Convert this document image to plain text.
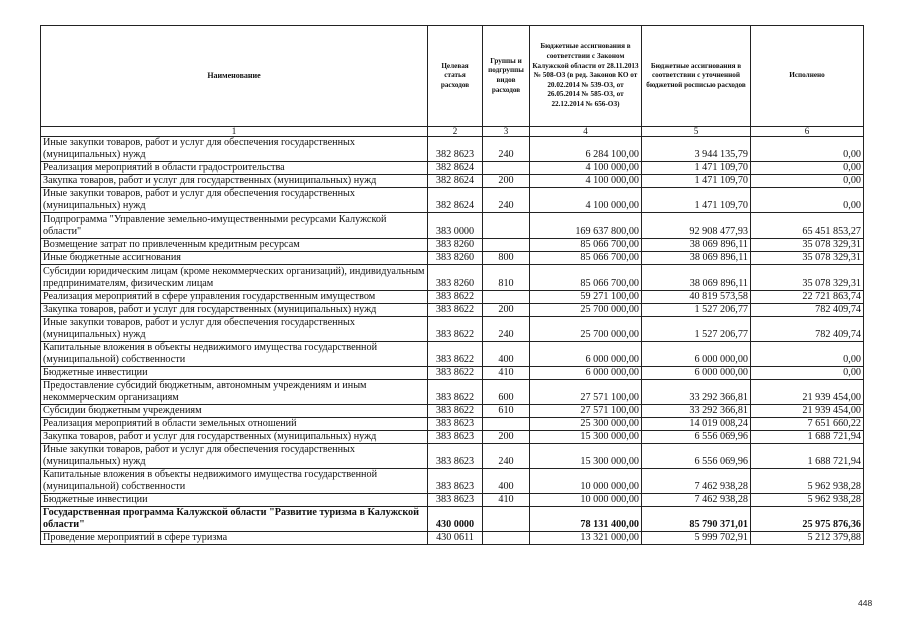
Наименование	Целевая статья расходов	Группы и подгруппы видов расходов	Бюджетные ассигнования в соответствии с Законом Калужской области от 28.11.2013 № 508-ОЗ (в ред. Законов КО от 20.02.2014 № 539-ОЗ, от 26.05.2014 № 585-ОЗ, от 22.12.2014 № 656-ОЗ)	Бюджетные ассигнования в соответствии с уточненной бюджетной росписью расходов	Исполнено
1	2	3	4	5	6
Иные закупки товаров, работ и услуг для обеспечения государственных (муниципальных) нужд	382 8623	240	6 284 100,00	3 944 135,79	0,00
Реализация мероприятий в области градостроительства	382 8624		4 100 000,00	1 471 109,70	0,00
Закупка товаров, работ и услуг для государственных (муниципальных) нужд	382 8624	200	4 100 000,00	1 471 109,70	0,00
Иные закупки товаров, работ и услуг для обеспечения государственных (муниципальных) нужд	382 8624	240	4 100 000,00	1 471 109,70	0,00
Подпрограмма "Управление земельно-имущественными ресурсами Калужской области"	383 0000		169 637 800,00	92 908 477,93	65 451 853,27
Возмещение затрат по привлеченным кредитным ресурсам	383 8260		85 066 700,00	38 069 896,11	35 078 329,31
Иные бюджетные ассигнования	383 8260	800	85 066 700,00	38 069 896,11	35 078 329,31
Субсидии юридическим лицам (кроме некоммерческих организаций), индивидуальным предпринимателям, физическим лицам	383 8260	810	85 066 700,00	38 069 896,11	35 078 329,31
Реализация мероприятий в сфере управления государственным имуществом	383 8622		59 271 100,00	40 819 573,58	22 721 863,74
Закупка товаров, работ и услуг для государственных (муниципальных) нужд	383 8622	200	25 700 000,00	1 527 206,77	782 409,74
Иные закупки товаров, работ и услуг для обеспечения государственных (муниципальных) нужд	383 8622	240	25 700 000,00	1 527 206,77	782 409,74
Капитальные вложения в объекты недвижимого имущества государственной (муниципальной) собственности	383 8622	400	6 000 000,00	6 000 000,00	0,00
Бюджетные инвестиции	383 8622	410	6 000 000,00	6 000 000,00	0,00
Предоставление субсидий бюджетным, автономным учреждениям и иным некоммерческим организациям	383 8622	600	27 571 100,00	33 292 366,81	21 939 454,00
Субсидии бюджетным учреждениям	383 8622	610	27 571 100,00	33 292 366,81	21 939 454,00
Реализация мероприятий в области земельных отношений	383 8623		25 300 000,00	14 019 008,24	7 651 660,22
Закупка товаров, работ и услуг для государственных (муниципальных) нужд	383 8623	200	15 300 000,00	6 556 069,96	1 688 721,94
Иные закупки товаров, работ и услуг для обеспечения государственных (муниципальных) нужд	383 8623	240	15 300 000,00	6 556 069,96	1 688 721,94
Капитальные вложения в объекты недвижимого имущества государственной (муниципальной) собственности	383 8623	400	10 000 000,00	7 462 938,28	5 962 938,28
Бюджетные инвестиции	383 8623	410	10 000 000,00	7 462 938,28	5 962 938,28
Государственная программа Калужской области "Развитие туризма в Калужской области"	430 0000		78 131 400,00	85 790 371,01	25 975 876,36
Проведение мероприятий в сфере туризма	430 0611		13 321 000,00	5 999 702,91	5 212 379,88
448
